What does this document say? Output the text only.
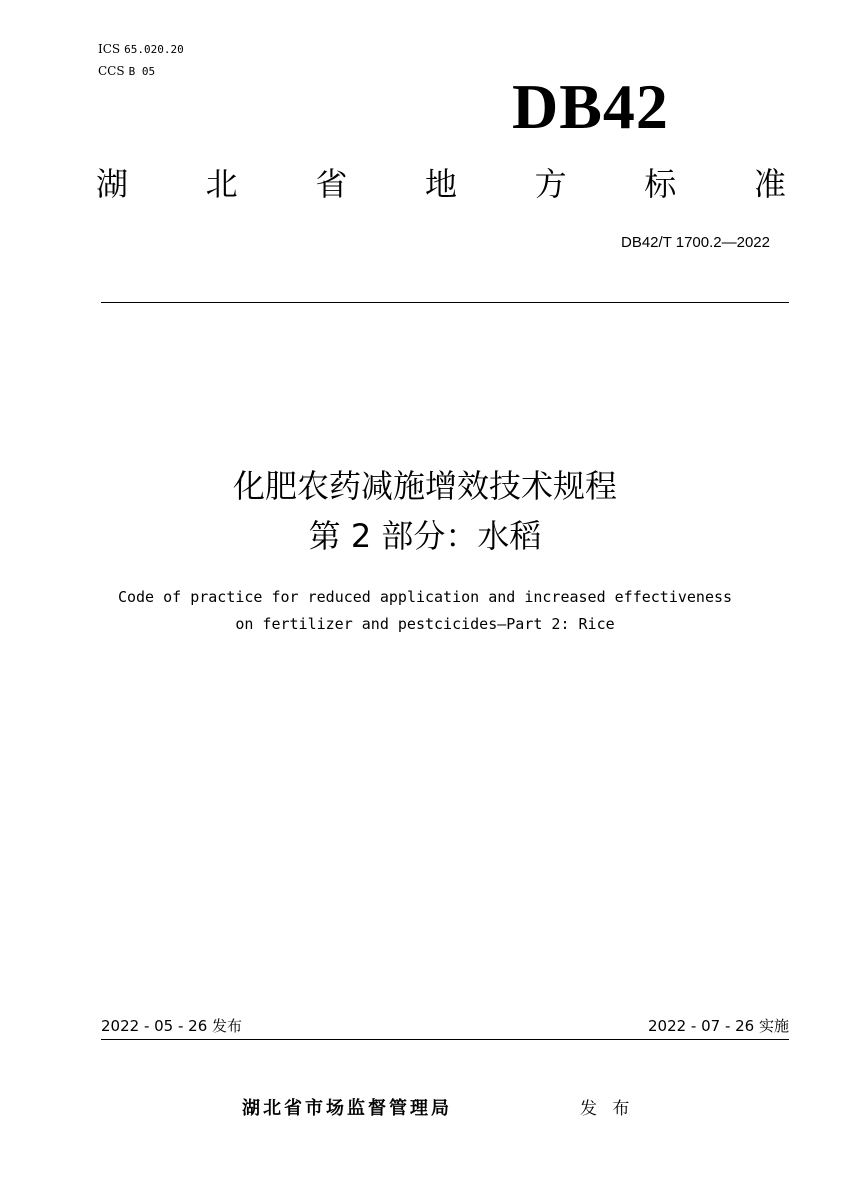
ICS 65.020.20
CCS B 05	DB42
湖 北 省 地 方 标 准
DB42/T 1700.2—2022
化肥农药减施增效技术规程
第 2 部分：水稻
Code of practice for reduced application and increased effectiveness
on fertilizer and pestcicides—Part 2: Rice
2022 - 05 - 26 发布	2022 - 07 - 26 实施
湖北省市场监督管理局	发 布
